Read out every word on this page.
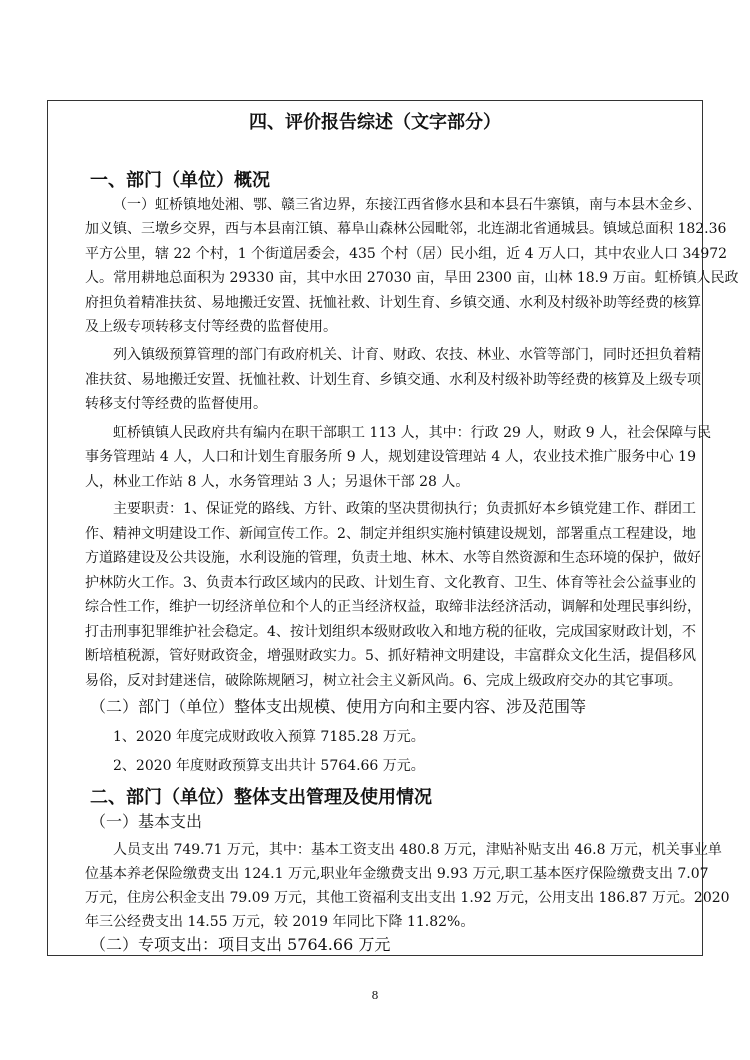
四、评价报告综述（文字部分）
一、部门（单位）概况
（一）虹桥镇地处湘、鄂、赣三省边界，东接江西省修水县和本县石牛寨镇，南与本县木金乡、
加义镇、三墩乡交界，西与本县南江镇、幕阜山森林公园毗邻，北连湖北省通城县。镇域总面积 182.36
平方公里，辖 22 个村，1 个街道居委会，435 个村（居）民小组，近 4 万人口，其中农业人口 34972
人。常用耕地总面积为 29330 亩，其中水田 27030 亩，旱田 2300 亩，山林 18.9 万亩。虹桥镇人民政
府担负着精准扶贫、易地搬迁安置、抚恤社救、计划生育、乡镇交通、水利及村级补助等经费的核算
及上级专项转移支付等经费的监督使用。
列入镇级预算管理的部门有政府机关、计育、财政、农技、林业、水管等部门，同时还担负着精
准扶贫、易地搬迁安置、抚恤社救、计划生育、乡镇交通、水利及村级补助等经费的核算及上级专项
转移支付等经费的监督使用。
虹桥镇镇人民政府共有编内在职干部职工 113 人，其中：行政 29 人，财政 9 人，社会保障与民
事务管理站 4 人，人口和计划生育服务所 9 人，规划建设管理站 4 人，农业技术推广服务中心 19
人，林业工作站 8 人，水务管理站 3 人；另退休干部 28 人。
主要职责：1、保证党的路线、方针、政策的坚决贯彻执行；负责抓好本乡镇党建工作、群团工
作、精神文明建设工作、新闻宣传工作。2、制定并组织实施村镇建设规划，部署重点工程建设，地
方道路建设及公共设施，水利设施的管理，负责土地、林木、水等自然资源和生态环境的保护，做好
护林防火工作。3、负责本行政区域内的民政、计划生育、文化教育、卫生、体育等社会公益事业的
综合性工作，维护一切经济单位和个人的正当经济权益，取缔非法经济活动，调解和处理民事纠纷，
打击刑事犯罪维护社会稳定。4、按计划组织本级财政收入和地方税的征收，完成国家财政计划，不
断培植税源，管好财政资金，增强财政实力。5、抓好精神文明建设，丰富群众文化生活，提倡移风
易俗，反对封建迷信，破除陈规陋习，树立社会主义新风尚。6、完成上级政府交办的其它事项。
（二）部门（单位）整体支出规模、使用方向和主要内容、涉及范围等
1、2020 年度完成财政收入预算 7185.28 万元。
2、2020 年度财政预算支出共计 5764.66 万元。
二、部门（单位）整体支出管理及使用情况
（一）基本支出
人员支出 749.71 万元，其中：基本工资支出 480.8 万元，津贴补贴支出 46.8 万元，机关事业单
位基本养老保险缴费支出 124.1 万元,职业年金缴费支出 9.93 万元,职工基本医疗保险缴费支出 7.07
万元，住房公积金支出 79.09 万元，其他工资福利支出支出 1.92 万元，公用支出 186.87 万元。2020
年三公经费支出 14.55 万元，较 2019 年同比下降 11.82%。
（二）专项支出：项目支出 5764.66 万元
8
